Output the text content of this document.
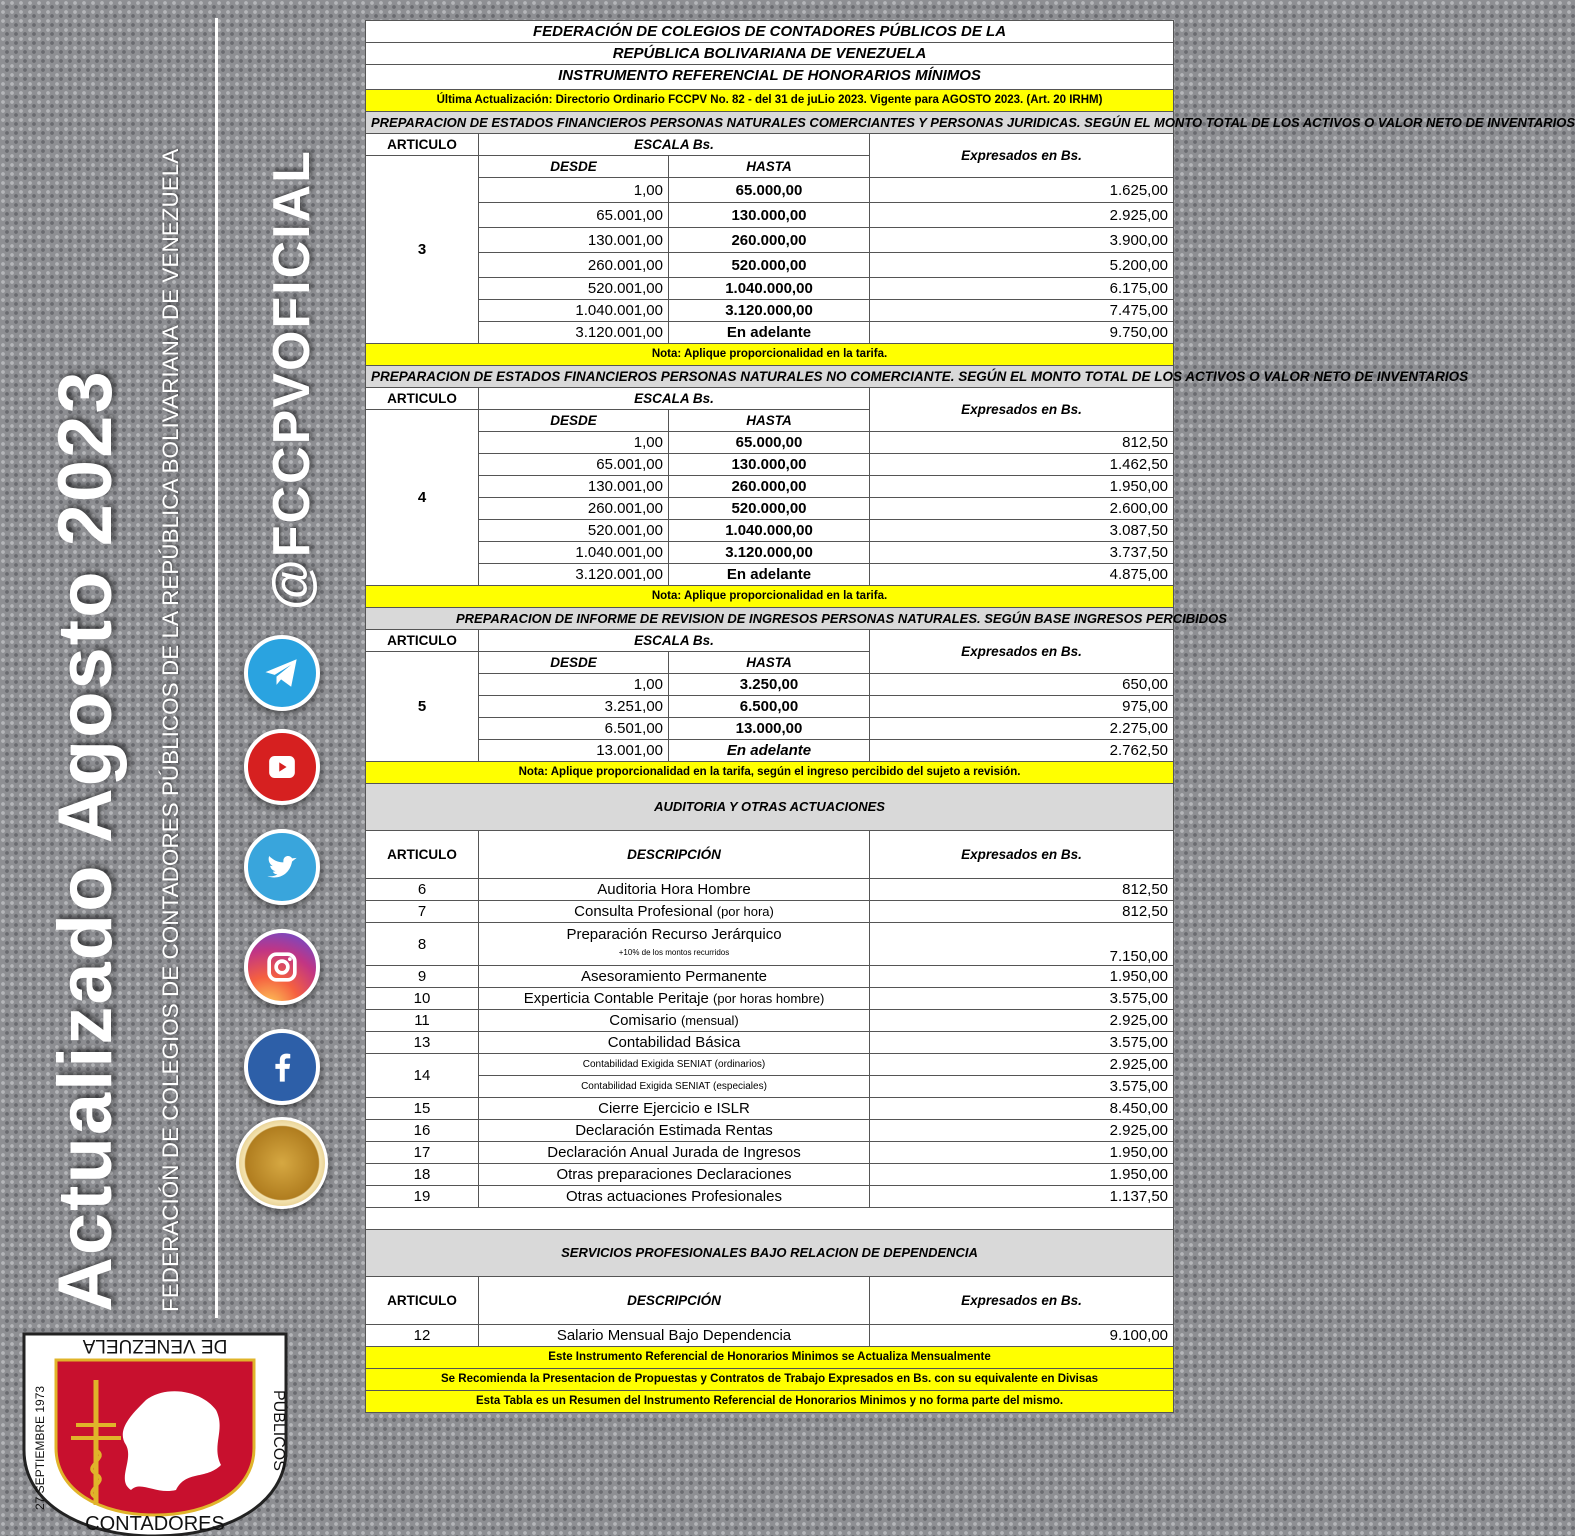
Actualizado Agosto 2023 FEDERACIÓN DE COLEGIOS DE CONTADORES PÚBLICOS DE LA REPÚBLICA BOLIVARIANA DE VENEZUELA @FCCPVOFICIAL
DE VENEZUELA
CONTADORES
27 SEPTIEMBRE 1973	PÚBLICOS
FEDERACIÓN DE COLEGIOS DE CONTADORES PÚBLICOS DE LA			
REPÚBLICA BOLIVARIANA DE VENEZUELA			
INSTRUMENTO REFERENCIAL DE HONORARIOS MÍNIMOS			
Última Actualización: Directorio Ordinario FCCPV No. 82 - del 31 de juLio 2023. Vigente para AGOSTO 2023. (Art. 20 IRHM)			
PREPARACION DE ESTADOS FINANCIEROS PERSONAS NATURALES COMERCIANTES Y PERSONAS JURIDICAS. SEGÚN EL MONTO TOTAL DE LOS ACTIVOS O VALOR NETO DE INVENTARIOS			
ARTICULO	ESCALA Bs.		Expresados en Bs.
3	DESDE	HASTA	
	1,00	65.000,00	1.625,00
	65.001,00	130.000,00	2.925,00
	130.001,00	260.000,00	3.900,00
	260.001,00	520.000,00	5.200,00
	520.001,00	1.040.000,00	6.175,00
	1.040.001,00	3.120.000,00	7.475,00
	3.120.001,00	En adelante	9.750,00
Nota: Aplique proporcionalidad en la tarifa.			
PREPARACION DE ESTADOS FINANCIEROS PERSONAS NATURALES NO COMERCIANTE. SEGÚN EL MONTO TOTAL DE LOS ACTIVOS O VALOR NETO DE INVENTARIOS			
ARTICULO	ESCALA Bs.		Expresados en Bs.
4	DESDE	HASTA	
	1,00	65.000,00	812,50
	65.001,00	130.000,00	1.462,50
	130.001,00	260.000,00	1.950,00
	260.001,00	520.000,00	2.600,00
	520.001,00	1.040.000,00	3.087,50
	1.040.001,00	3.120.000,00	3.737,50
	3.120.001,00	En adelante	4.875,00
Nota: Aplique proporcionalidad en la tarifa.			
PREPARACION DE INFORME DE REVISION DE INGRESOS PERSONAS NATURALES. SEGÚN BASE INGRESOS PERCIBIDOS			
ARTICULO	ESCALA Bs.		Expresados en Bs.
5	DESDE	HASTA	
	1,00	3.250,00	650,00
	3.251,00	6.500,00	975,00
	6.501,00	13.000,00	2.275,00
	13.001,00	En adelante	2.762,50
Nota: Aplique proporcionalidad en la tarifa, según el ingreso percibido del sujeto a revisión.			
AUDITORIA Y OTRAS ACTUACIONES			
ARTICULO	DESCRIPCIÓN		Expresados en Bs.
6	Auditoria Hora Hombre		812,50
7	Consulta Profesional (por hora)		812,50
8	Preparación Recurso Jerárquico
+10% de los montos recurridos		7.150,00
9	Asesoramiento Permanente		1.950,00
10	Experticia Contable Peritaje (por horas hombre)		3.575,00
11	Comisario (mensual)		2.925,00
13	Contabilidad Básica		3.575,00
14	Contabilidad Exigida SENIAT (ordinarios)		2.925,00
	Contabilidad Exigida SENIAT (especiales)		3.575,00
15	Cierre Ejercicio e ISLR		8.450,00
16	Declaración Estimada Rentas		2.925,00
17	Declaración Anual Jurada de Ingresos		1.950,00
18	Otras preparaciones Declaraciones		1.950,00
19	Otras actuaciones Profesionales		1.137,50

SERVICIOS PROFESIONALES BAJO RELACION DE DEPENDENCIA			
ARTICULO	DESCRIPCIÓN		Expresados en Bs.
12	Salario Mensual Bajo Dependencia		9.100,00
Este Instrumento Referencial de Honorarios Minimos se Actualiza Mensualmente			
Se Recomienda la Presentacion de Propuestas y Contratos de Trabajo Expresados en Bs. con su equivalente en Divisas			
Esta Tabla es un Resumen del Instrumento Referencial de Honorarios Minimos y no forma parte del mismo.			
